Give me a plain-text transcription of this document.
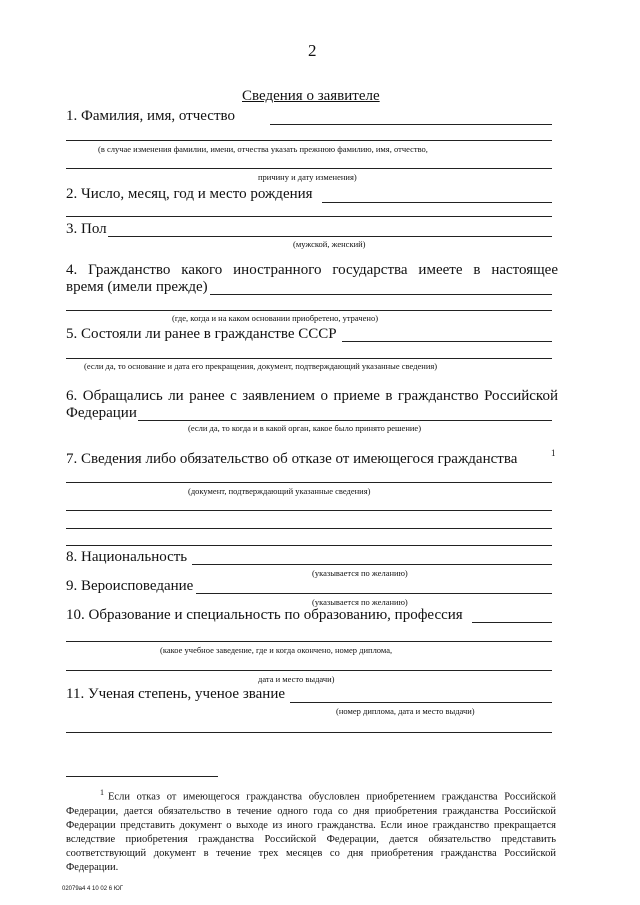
2
Сведения о заявителе
1. Фамилия, имя, отчество
(в случае изменения фамилии, имени, отчества указать прежнюю фамилию, имя, отчество,
причину и дату изменения)
2. Число, месяц, год и место рождения
3. Пол
(мужской, женский)
4. Гражданство какого иностранного государства имеете в настоящее
время (имели прежде)
(где, когда и на каком основании приобретено, утрачено)
5. Состояли ли ранее в гражданстве СССР
(если да, то основание и дата его прекращения, документ, подтверждающий указанные сведения)
6. Обращались ли ранее с заявлением о приеме в гражданство Российской
Федерации
(если да, то когда и в какой орган, какое было принято решение)
7. Сведения либо обязательство об отказе от имеющегося гражданства	1
(документ, подтверждающий указанные сведения)
8. Национальность
(указывается по желанию)
9. Вероисповедание
(указывается по желанию)
10. Образование и специальность по образованию, профессия
(какое учебное заведение, где и когда окончено, номер диплома,
дата и место выдачи)
11. Ученая степень, ученое звание
(номер диплома, дата и место выдачи)
$^1$ Если отказ от имеющегося гражданства обусловлен приобретением гражданства Российской Федерации, дается обязательство в течение одного года со дня приобретения гражданства Российской Федерации представить документ о выходе из иного гражданства. Если иное гражданство прекращается вследствие приобретения гражданства Российской Федерации, дается обязательство представить соответствующий документ в течение трех месяцев со дня приобретения гражданства Российской Федерации.
02079а4 4 10 02 6 ЮГ
